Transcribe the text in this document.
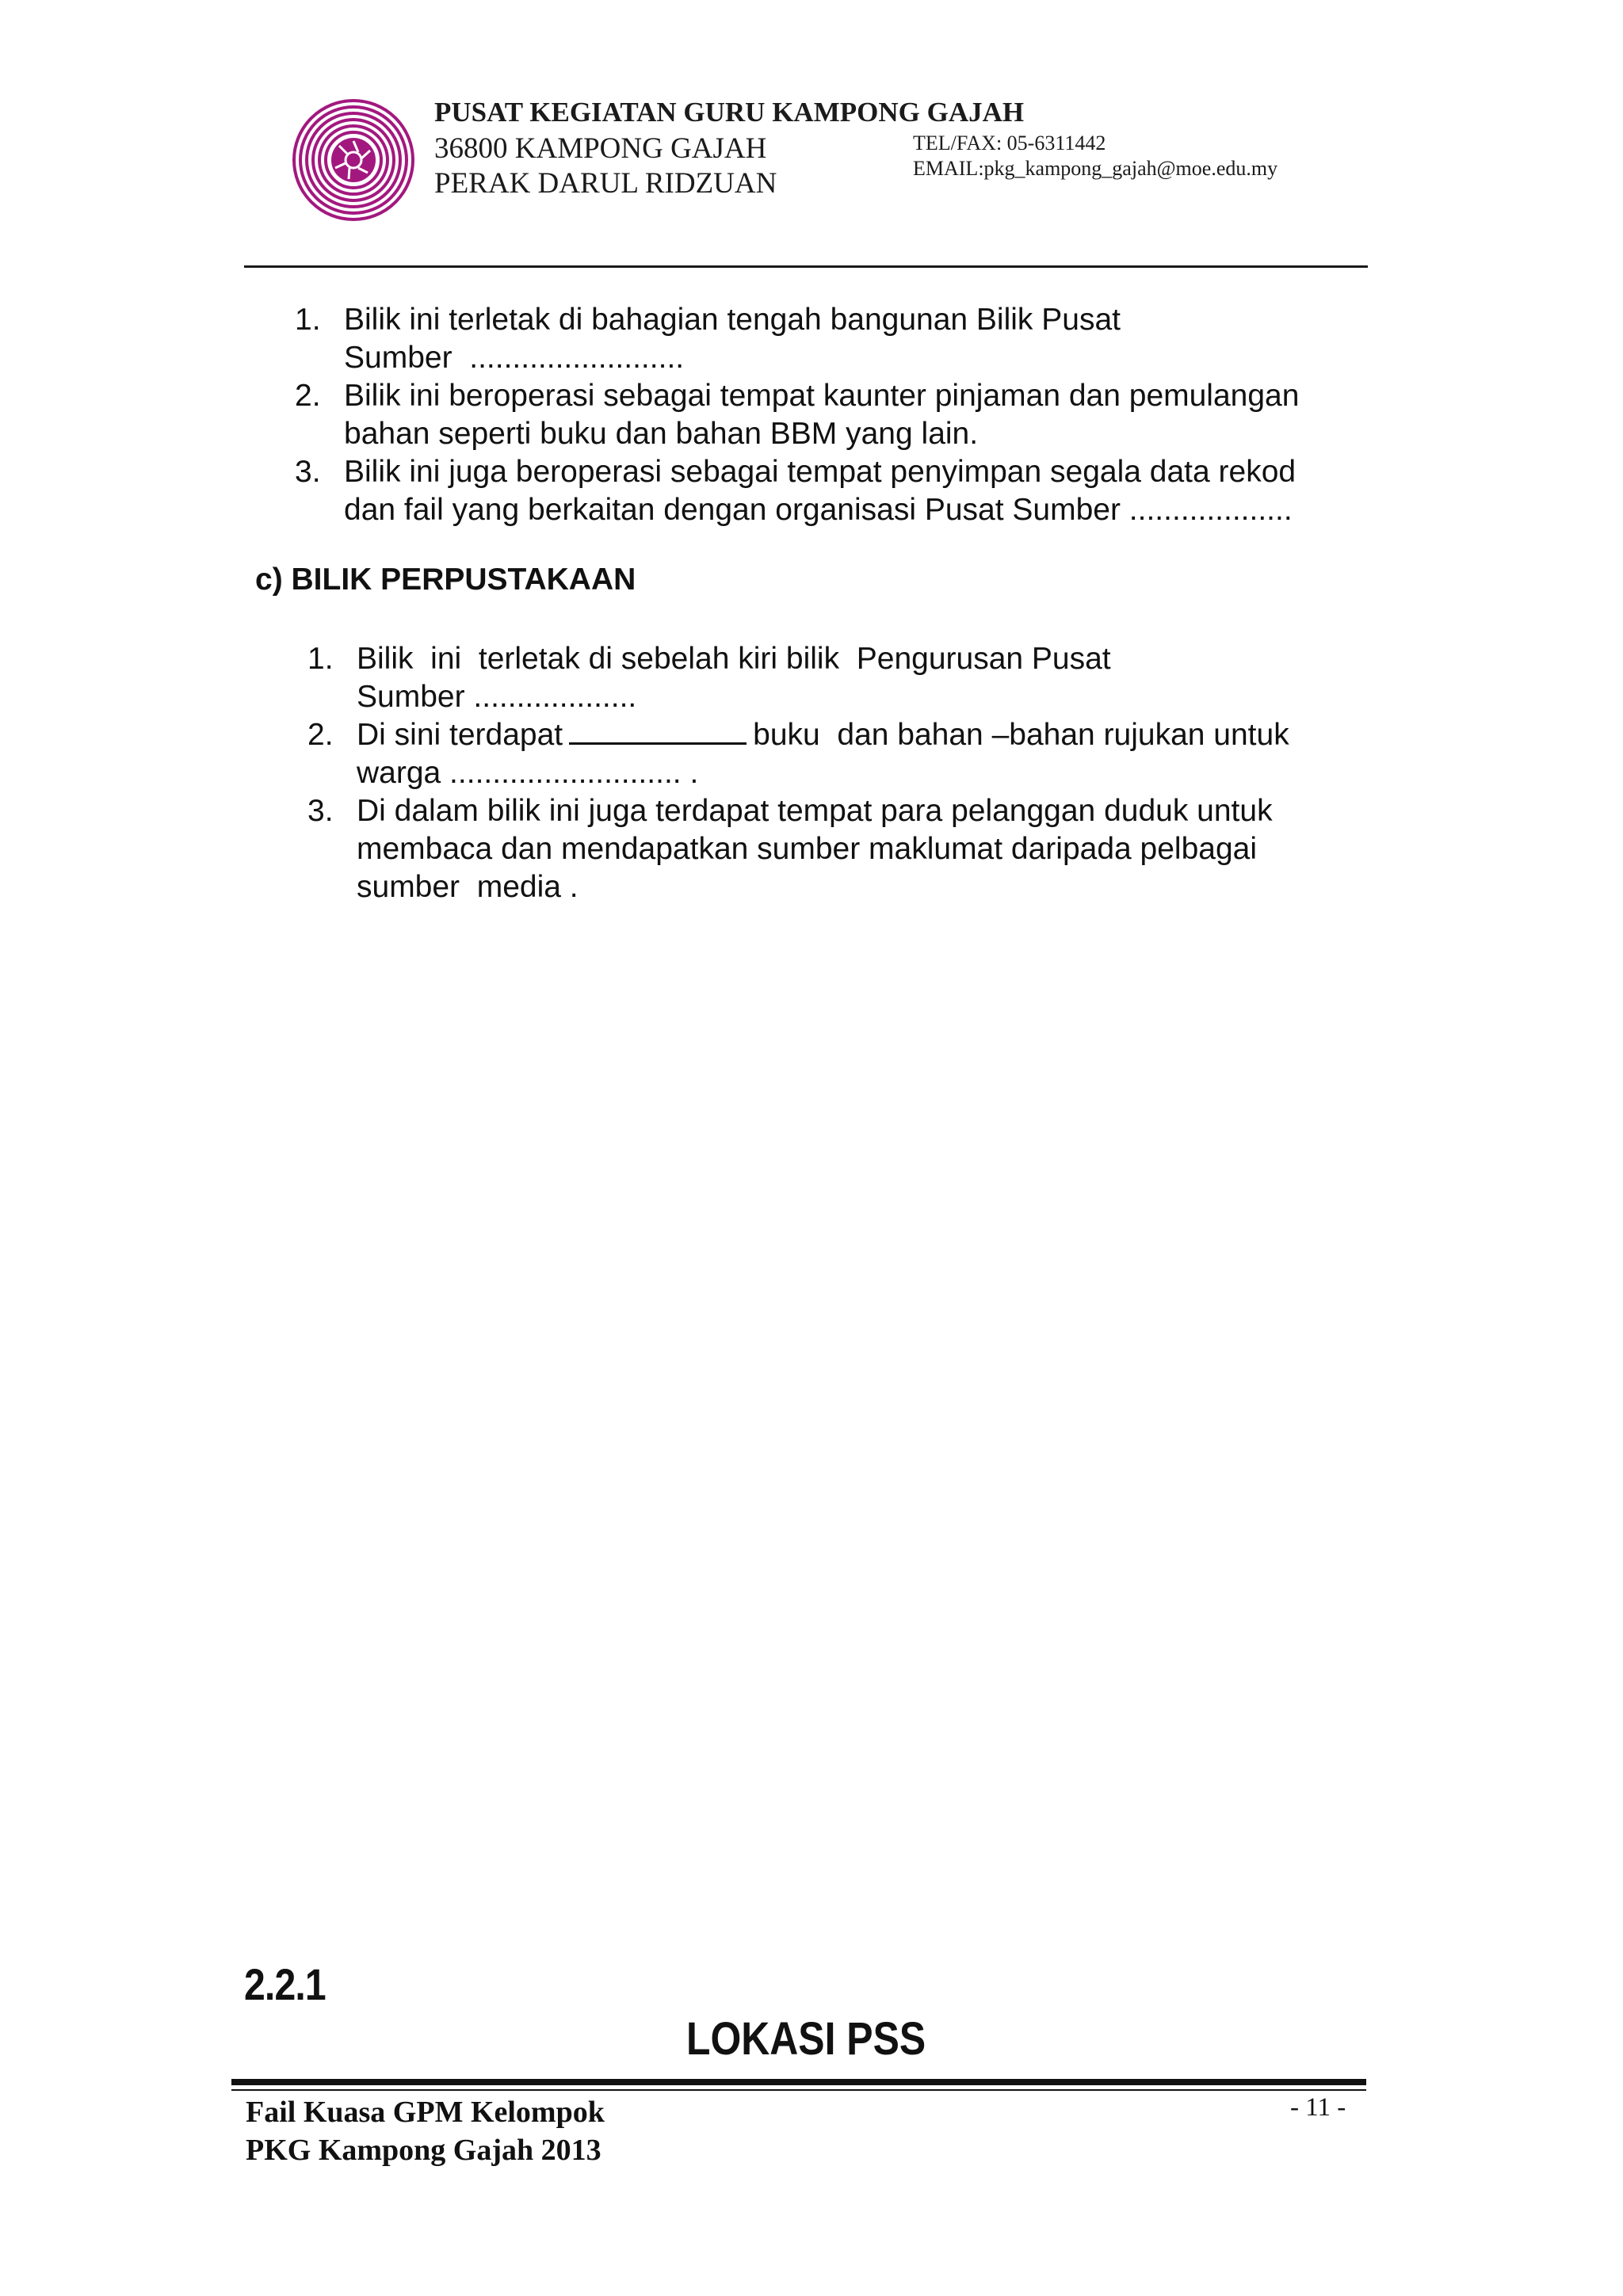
PUSAT KEGIATAN GURU KAMPONG GAJAH
36800 KAMPONG GAJAH
PERAK DARUL RIDZUAN
TEL/FAX: 05-6311442
EMAIL:pkg_kampong_gajah@moe.edu.my
1. Bilik ini terletak di bahagian tengah bangunan Bilik Pusat
Sumber  .........................
2. Bilik ini beroperasi sebagai tempat kaunter pinjaman dan pemulangan
bahan seperti buku dan bahan BBM yang lain.
3. Bilik ini juga beroperasi sebagai tempat penyimpan segala data rekod
dan fail yang berkaitan dengan organisasi Pusat Sumber ...................
c) BILIK PERPUSTAKAAN
1. Bilik  ini  terletak di sebelah kiri bilik  Pengurusan Pusat
Sumber ...................
2. Di sini terdapat	buku  dan bahan –bahan rujukan untuk
warga ........................... .
3. Di dalam bilik ini juga terdapat tempat para pelanggan duduk untuk
membaca dan mendapatkan sumber maklumat daripada pelbagai
sumber  media .
2.2.1
LOKASI PSS
Fail Kuasa GPM Kelompok
PKG Kampong Gajah 2013
- 11 -
